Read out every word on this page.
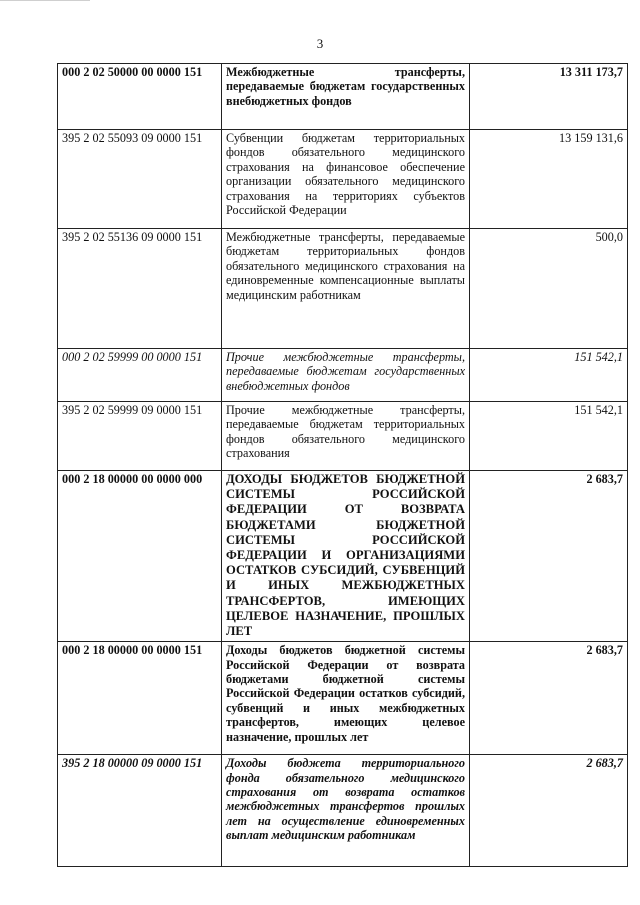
3
000 2 02 50000 00 0000 151	Межбюджетные трансферты, передаваемые бюджетам государственных внебюджетных фондов	13 311 173,7
395 2 02 55093 09 0000 151	Субвенции бюджетам территориальных фондов обязательного медицинского страхования на финансовое обеспечение организации обязательного медицинского страхования на территориях субъектов Российской Федерации	13 159 131,6
395 2 02 55136 09 0000 151	Межбюджетные трансферты, передаваемые бюджетам территориальных фондов обязательного медицинского страхования на единовременные компенсационные выплаты медицинским работникам	500,0
000 2 02 59999 00 0000 151	Прочие межбюджетные трансферты, передаваемые бюджетам государственных внебюджетных фондов	151 542,1
395 2 02 59999 09 0000 151	Прочие межбюджетные трансферты, передаваемые бюджетам территориальных фондов обязательного медицинского страхования	151 542,1
000 2 18 00000 00 0000 000	ДОХОДЫ БЮДЖЕТОВ БЮДЖЕТНОЙ СИСТЕМЫ РОССИЙСКОЙ ФЕДЕРАЦИИ ОТ ВОЗВРАТА БЮДЖЕТАМИ БЮДЖЕТНОЙ СИСТЕМЫ РОССИЙСКОЙ ФЕДЕРАЦИИ И ОРГАНИЗАЦИЯМИ ОСТАТКОВ СУБСИДИЙ, СУБВЕНЦИЙ И ИНЫХ МЕЖБЮДЖЕТНЫХ ТРАНСФЕРТОВ, ИМЕЮЩИХ ЦЕЛЕВОЕ НАЗНАЧЕНИЕ, ПРОШЛЫХ ЛЕТ	2 683,7
000 2 18 00000 00 0000 151	Доходы бюджетов бюджетной системы Российской Федерации от возврата бюджетами бюджетной системы Российской Федерации остатков субсидий, субвенций и иных межбюджетных трансфертов, имеющих целевое назначение, прошлых лет	2 683,7
395 2 18 00000 09 0000 151	Доходы бюджета территориального фонда обязательного медицинского страхования от возврата остатков межбюджетных трансфертов прошлых лет на осуществление единовременных выплат медицинским работникам	2 683,7
